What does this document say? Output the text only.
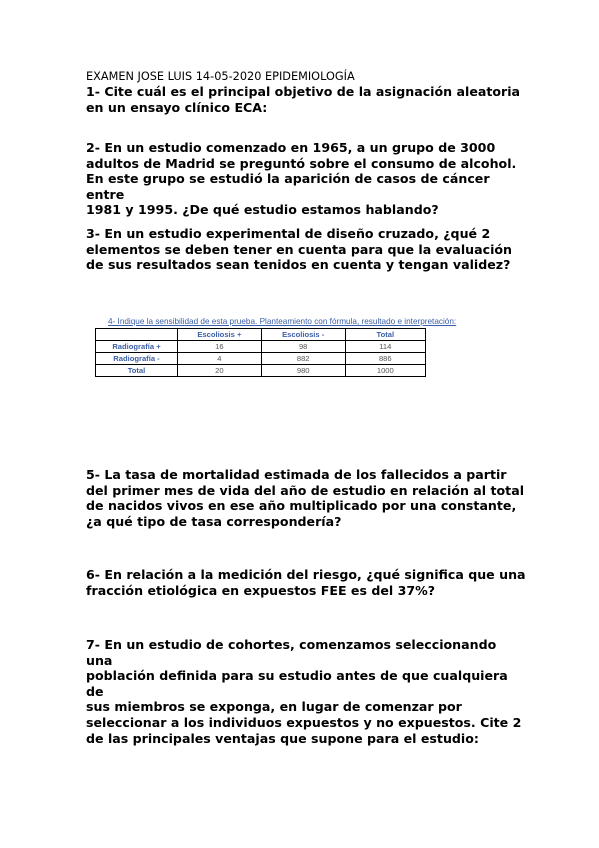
EXAMEN JOSE LUIS 14-05-2020 EPIDEMIOLOGÍA
1- Cite cuál es el principal objetivo de la asignación aleatoria
en un ensayo clínico ECA:
2- En un estudio comenzado en 1965, a un grupo de 3000
adultos de Madrid se preguntó sobre el consumo de alcohol.
En este grupo se estudió la aparición de casos de cáncer entre
1981 y 1995. ¿De qué estudio estamos hablando?
3- En un estudio experimental de diseño cruzado, ¿qué 2
elementos se deben tener en cuenta para que la evaluación
de sus resultados sean tenidos en cuenta y tengan validez?
4- Indique la sensibilidad de esta prueba. Planteamiento con fórmula, resultado e interpretación:
	Escoliosis +	Escoliosis -	Total
Radiografía +	16	98	114
Radiografía -	4	882	886
Total	20	980	1000
5- La tasa de mortalidad estimada de los fallecidos a partir
del primer mes de vida del año de estudio en relación al total
de nacidos vivos en ese año multiplicado por una constante,
¿a qué tipo de tasa correspondería?
6- En relación a la medición del riesgo, ¿qué significa que una
fracción etiológica en expuestos FEE es del 37%?
7- En un estudio de cohortes, comenzamos seleccionando una
población definida para su estudio antes de que cualquiera de
sus miembros se exponga, en lugar de comenzar por
seleccionar a los individuos expuestos y no expuestos. Cite 2
de las principales ventajas que supone para el estudio:
